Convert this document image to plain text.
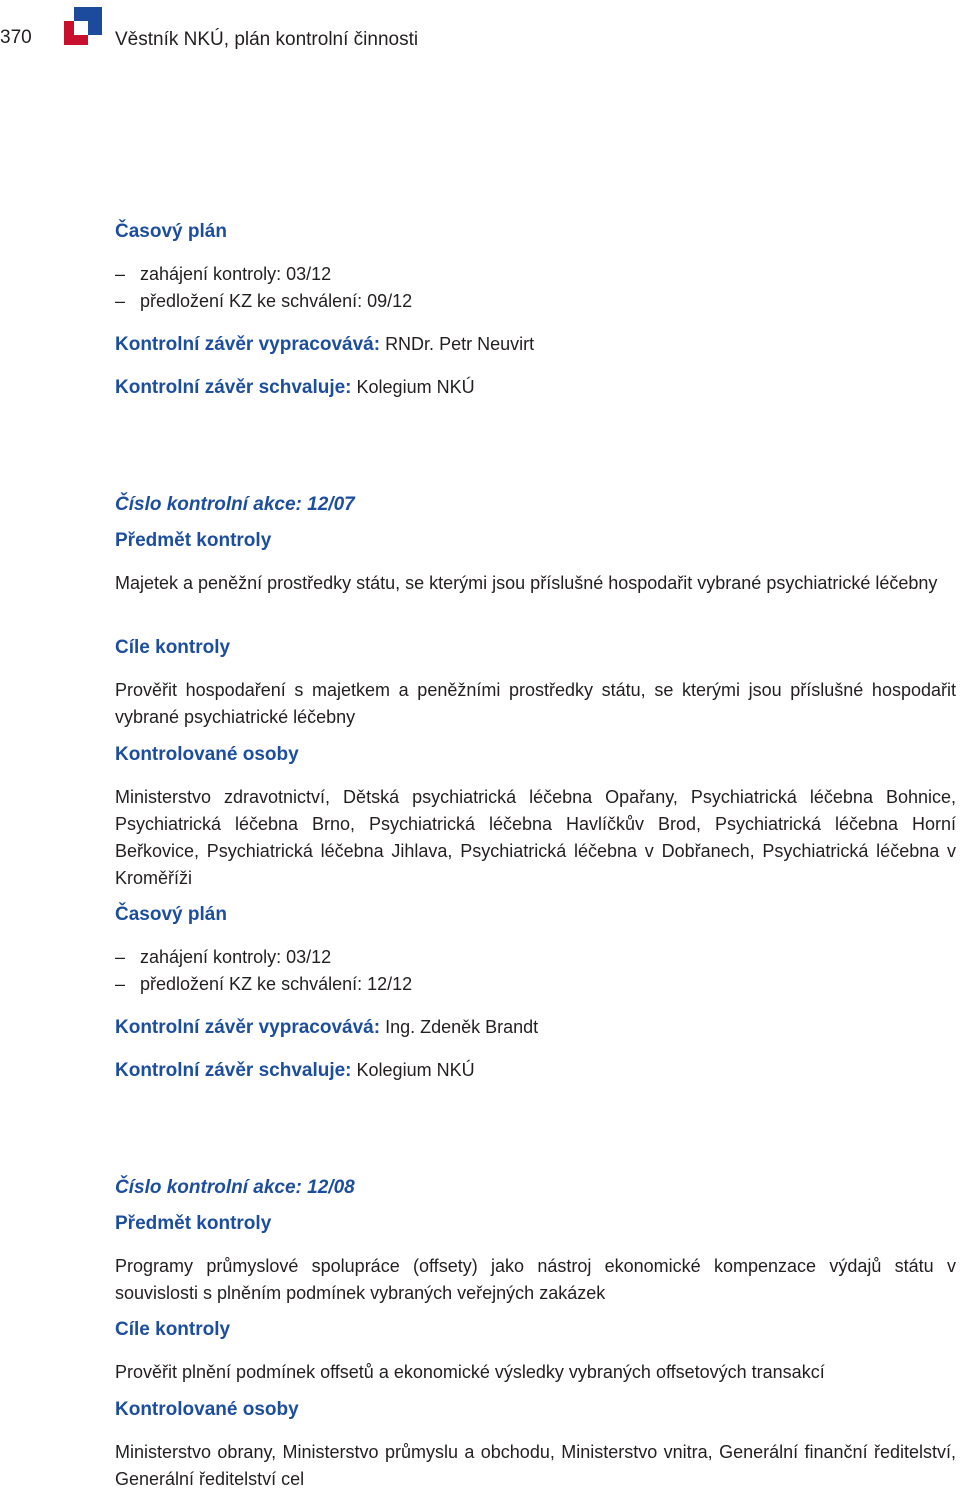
370	Věstník NKÚ, plán kontrolní činnosti

Časový plán

– zahájení kontroly: 03/12

– předložení KZ ke schválení: 09/12

Kontrolní závěr vypracovává: RNDr. Petr Neuvirt

Kontrolní závěr schvaluje: Kolegium NKÚ

Číslo kontrolní akce: 12/07

Předmět kontroly

Majetek a peněžní prostředky státu, se kterými jsou příslušné hospodařit vybrané psychiatrické léčebny

Cíle kontroly

Prověřit hospodaření s majetkem a peněžními prostředky státu, se kterými jsou příslušné hospodařit vybrané psychiatrické léčebny

Kontrolované osoby

Ministerstvo zdravotnictví, Dětská psychiatrická léčebna Opařany, Psychiatrická léčebna Bohnice, Psychiatrická léčebna Brno, Psychiatrická léčebna Havlíčkův Brod, Psychiatrická léčebna Horní Beřkovice, Psychiatrická léčebna Jihlava, Psychiatrická léčebna v Dobřanech, Psychiatrická léčebna v Kroměříži

Časový plán

– zahájení kontroly: 03/12

– předložení KZ ke schválení: 12/12

Kontrolní závěr vypracovává: Ing. Zdeněk Brandt

Kontrolní závěr schvaluje: Kolegium NKÚ

Číslo kontrolní akce: 12/08

Předmět kontroly

Programy průmyslové spolupráce (offsety) jako nástroj ekonomické kompenzace výdajů státu v souvislosti s plněním podmínek vybraných veřejných zakázek

Cíle kontroly

Prověřit plnění podmínek offsetů a ekonomické výsledky vybraných offsetových transakcí

Kontrolované osoby

Ministerstvo obrany, Ministerstvo průmyslu a obchodu, Ministerstvo vnitra, Generální finanční ředitelství, Generální ředitelství cel
